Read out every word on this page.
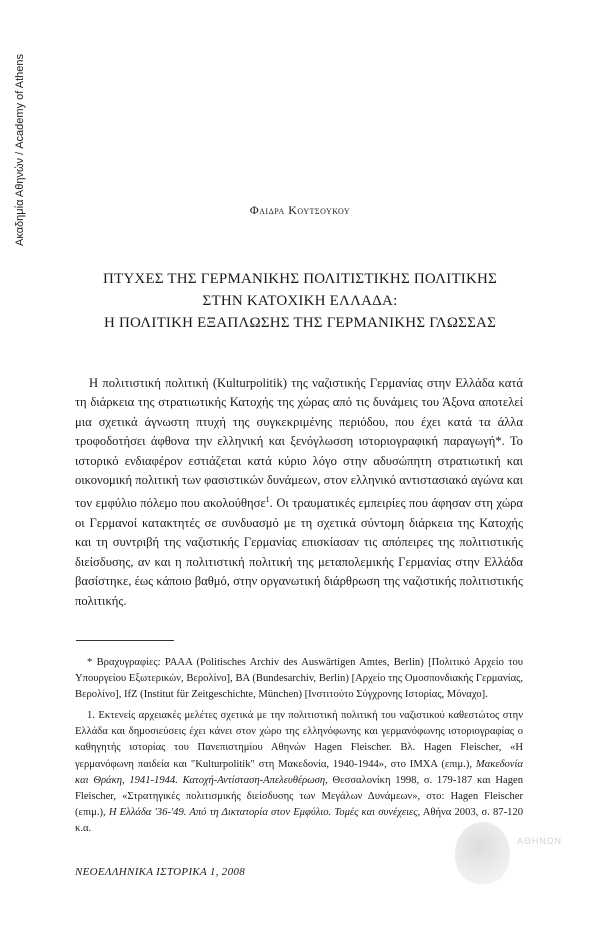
Ακαδημία Αθηνών / Academy of Athens	Φαιδρα Κουτσουκου
ΠΤΥΧΕΣ ΤΗΣ ΓΕΡΜΑΝΙΚΗΣ ΠΟΛΙΤΙΣΤΙΚΗΣ ΠΟΛΙΤΙΚΗΣ
ΣΤΗΝ ΚΑΤΟΧΙΚΗ ΕΛΛΑΔΑ:
Η ΠΟΛΙΤΙΚΗ ΕΞΑΠΛΩΣΗΣ ΤΗΣ ΓΕΡΜΑΝΙΚΗΣ ΓΛΩΣΣΑΣ

Η πολιτιστική πολιτική (Kulturpolitik) της ναζιστικής Γερμανίας στην Ελλάδα κατά τη διάρκεια της στρατιωτικής Κατοχής της χώρας από τις δυνάμεις του Άξονα αποτελεί μια σχετικά άγνωστη πτυχή της συγκεκριμένης περιόδου, που έχει κατά τα άλλα τροφοδοτήσει άφθονα την ελληνική και ξενόγλωσση ιστοριογραφική παραγωγή*. Το ιστορικό ενδιαφέρον εστιάζεται κατά κύριο λόγο στην αδυσώπητη στρατιωτική και οικονομική πολιτική των φασιστικών δυνάμεων, στον ελληνικό αντιστασιακό αγώνα και τον εμφύλιο πόλεμο που ακολούθησε$^1$. Οι τραυματικές εμπειρίες που άφησαν στη χώρα οι Γερμανοί κατακτητές σε συνδυασμό με τη σχετικά σύντομη διάρκεια της Κατοχής και τη συντριβή της ναζιστικής Γερμανίας επισκίασαν τις απόπειρες της πολιτιστικής διείσδυσης, αν και η πολιτιστική πολιτική της μεταπολεμικής Γερμανίας στην Ελλάδα βασίστηκε, έως κάποιο βαθμό, στην οργανωτική διάρθρωση της ναζιστικής πολιτιστικής πολιτικής.

* Βραχυγραφίες: PAAA (Politisches Archiv des Auswärtigen Amtes, Berlin) [Πολιτικό Αρχείο του Υπουργείου Εξωτερικών, Βερολίνο], BA (Bundesarchiv, Berlin) [Αρχείο της Ομοσπονδιακής Γερμανίας, Βερολίνο], IfZ (Institut für Zeitgeschichte, München) [Ινστιτούτο Σύγχρονης Ιστορίας, Μόναχο].

1. Εκτενείς αρχειακές μελέτες σχετικά με την πολιτιστική πολιτική του ναζιστικού καθεστώτος στην Ελλάδα και δημοσιεύσεις έχει κάνει στον χώρο της ελληνόφωνης και γερμανόφωνης ιστοριογραφίας ο καθηγητής ιστορίας του Πανεπιστημίου Αθηνών Hagen Fleischer. Βλ. Hagen Fleischer, «Η γερμανόφωνη παιδεία και "Kulturpolitik" στη Μακεδονία, 1940-1944», στο ΙΜΧΑ (επιμ.), Μακεδονία και Θράκη, 1941-1944. Κατοχή-Αντίσταση-Απελευθέρωση, Θεσσαλονίκη 1998, σ. 179-187 και Hagen Fleischer, «Στρατηγικές πολιτισμικής διείσδυσης των Μεγάλων Δυνάμεων», στο: Hagen Fleischer (επιμ.), Η Ελλάδα '36-'49. Από τη Δικτατορία στον Εμφύλιο. Τομές και συνέχειες, Αθήνα 2003, σ. 87-120 κ.α.

ΑΘΗΝΩΝ
ΝΕΟΕΛΛΗΝΙΚΑ ΙΣΤΟΡΙΚΑ 1, 2008
